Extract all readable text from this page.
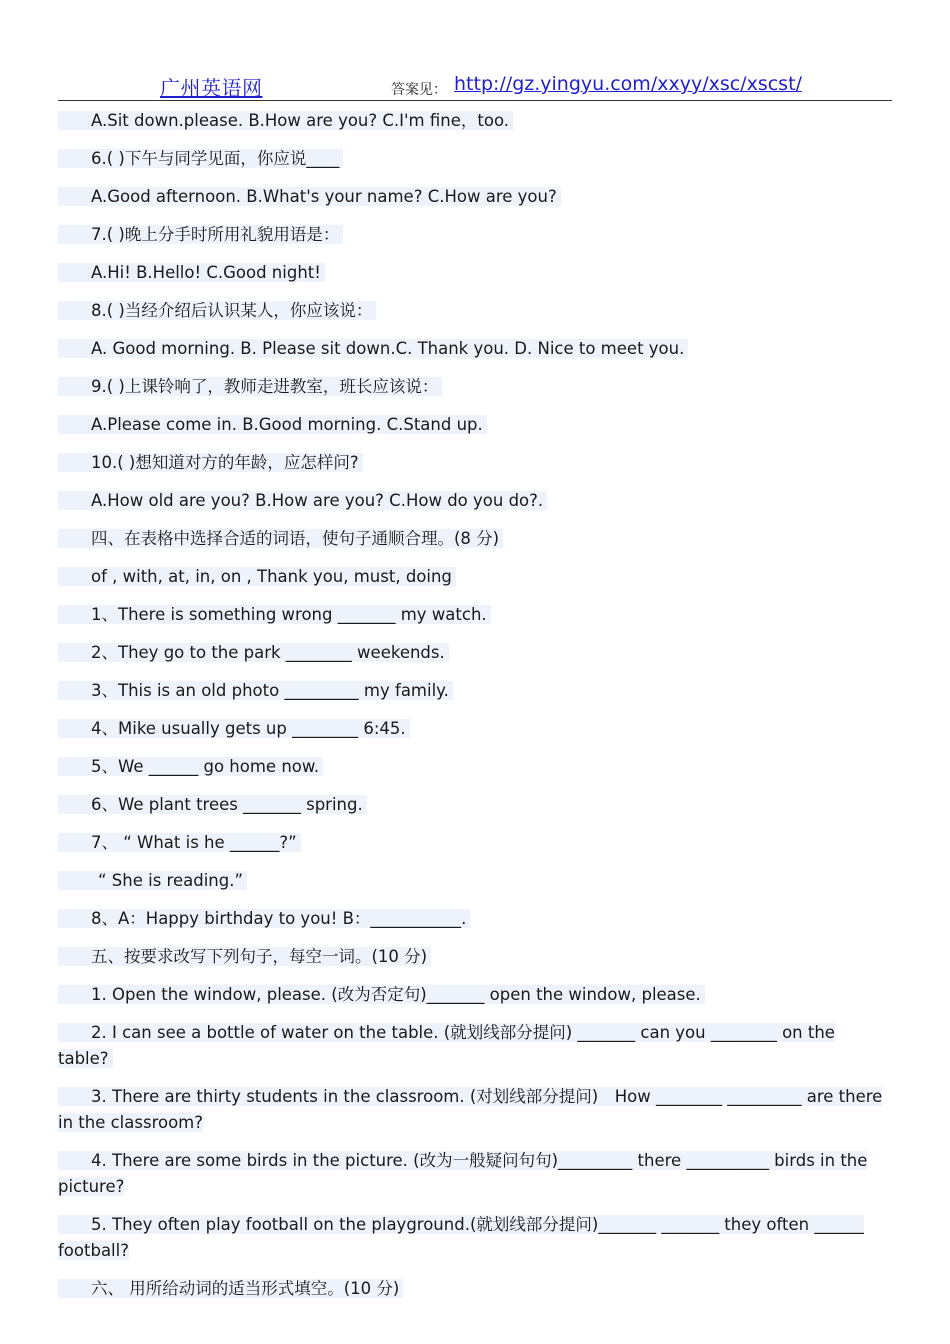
广州英语网	答案见： http://gz.yingyu.com/xxyy/xsc/xscst/
A.Sit down.please. B.How are you? C.I'm fine，too.
6.( )下午与同学见面，你应说____
A.Good afternoon. B.What's your name? C.How are you?
7.( )晚上分手时所用礼貌用语是：
A.Hi! B.Hello! C.Good night!
8.( )当经介绍后认识某人，你应该说：
A. Good morning. B. Please sit down.C. Thank you. D. Nice to meet you.
9.( )上课铃响了，教师走进教室，班长应该说：
A.Please come in. B.Good morning. C.Stand up.
10.( )想知道对方的年龄，应怎样问?
A.How old are you? B.How are you? C.How do you do?.
四、在表格中选择合适的词语，使句子通顺合理。(8 分)
of , with, at, in, on , Thank you, must, doing
1、There is something wrong _______ my watch.
2、They go to the park ________ weekends.
3、This is an old photo _________ my family.
4、Mike usually gets up ________ 6:45.
5、We ______ go home now.
6、We plant trees _______ spring.
7、 “ What is he ______?”
“ She is reading.”
8、A：Happy birthday to you! B：___________.
五、按要求改写下列句子，每空一词。(10 分)
1. Open the window, please. (改为否定句)_______ open the window, please.
2. I can see a bottle of water on the table. (就划线部分提问) _______ can you ________ on the table?
3. There are thirty students in the classroom. (对划线部分提问)　How ________ _________ are there in the classroom?
4. There are some birds in the picture. (改为一般疑问句句)_________ there __________ birds in the picture?
5. They often play football on the playground.(就划线部分提问)_______ _______ they often ______ football?
六、 用所给动词的适当形式填空。(10 分)
